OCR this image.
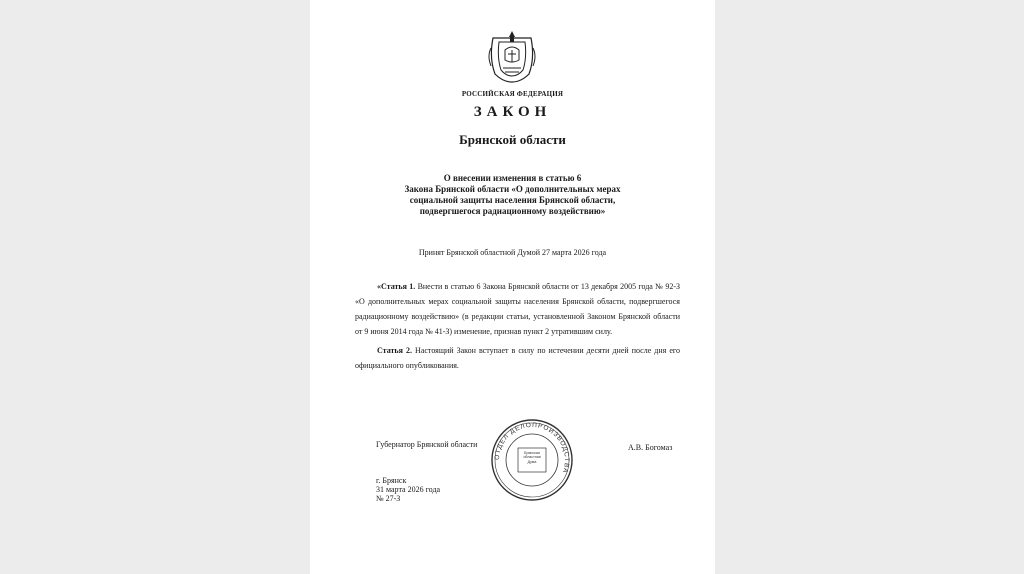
РОССИЙСКАЯ ФЕДЕРАЦИЯ
ЗАКОН
Брянской области
О внесении изменения в статью 6
Закона Брянской области «О дополнительных мерах
социальной защиты населения Брянской области,
подвергшегося радиационному воздействию»
Принят Брянской областной Думой 27 марта 2026 года

«Статья 1. Внести в статью 6 Закона Брянской области от 13 декабря 2005 года № 92-З «О дополнительных мерах социальной защиты населения Брянской области, подвергшегося радиационному воздействию» (в редакции статьи, установленной Законом Брянской области от 9 июня 2014 года № 41-З) изменение, признав пункт 2 утратившим силу.

Статья 2. Настоящий Закон вступает в силу по истечении десяти дней после дня его официального опубликования.

Губернатор Брянской области	А.В. Богомаз
ОТДЕЛ ДЕЛОПРОИЗВОДСТВА
Брянская областная Дума
г. Брянск
31 марта 2026 года
№ 27-З
